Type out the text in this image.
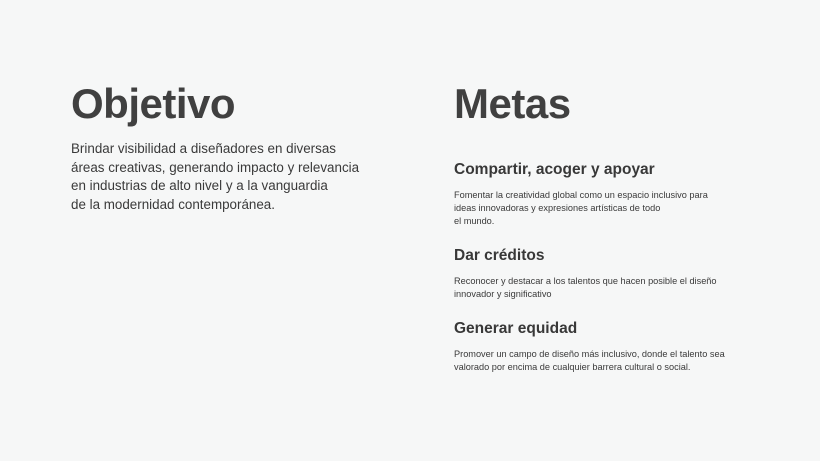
Objetivo

Brindar visibilidad a diseñadores en diversas
áreas creativas, generando impacto y relevancia
en industrias de alto nivel y a la vanguardia
de la modernidad contemporánea.

Metas
Compartir, acoger y apoyar

Fomentar la creatividad global como un espacio inclusivo para
ideas innovadoras y expresiones artísticas de todo
el mundo.

Dar créditos

Reconocer y destacar a los talentos que hacen posible el diseño
innovador y significativo

Generar equidad

Promover un campo de diseño más inclusivo, donde el talento sea
valorado por encima de cualquier barrera cultural o social.
